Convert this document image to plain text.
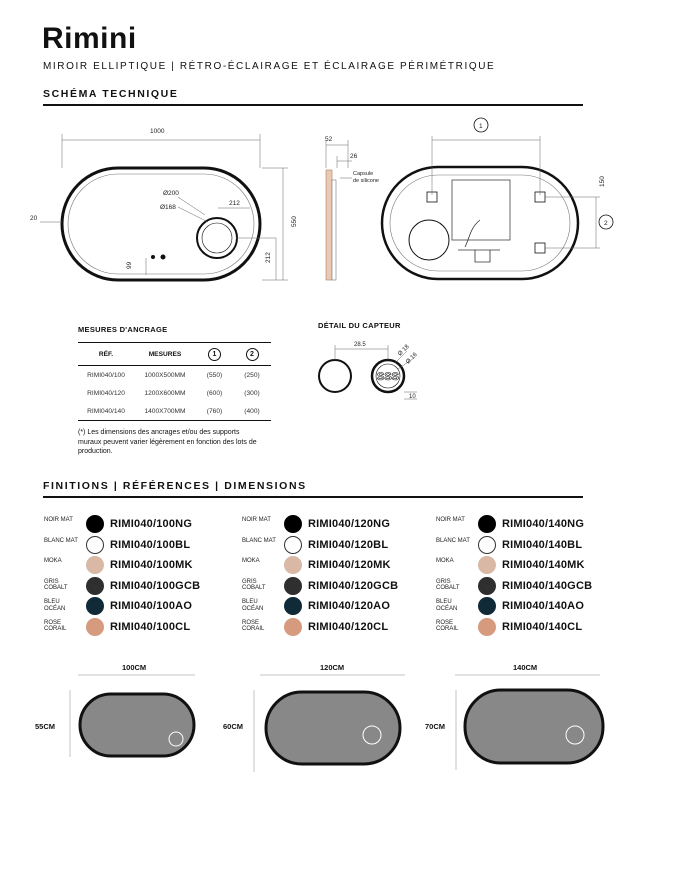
Rimini
MIROIR ELLIPTIQUE | RÉTRO-ÉCLAIRAGE ET ÉCLAIRAGE PÉRIMÉTRIQUE
SCHÉMA TECHNIQUE
1000
20
99
Ø200
Ø168
212
212
550
52
26
Capsule
de silicone	150
1
2
MESURES D'ANCRAGE
RÉF.	MESURES	1	2
RIMI040/100	1000X500MM	(550)	(250)
RIMI040/120	1200X600MM	(600)	(300)
RIMI040/140	1400X700MM	(760)	(400)
(*) Les dimensions des ancrages et/ou des supports muraux peuvent varier légèrement en fonction des lots de production.
DÉTAIL DU CAPTEUR
SSS
28.5	Ø 18
Ø 16
10
FINITIONS | RÉFÉRENCES | DIMENSIONS
NOIR MAT	RIMI040/100NG
BLANC MAT	RIMI040/100BL
MOKA	RIMI040/100MK
GRIS COBALT	RIMI040/100GCB
BLEU OCÉAN	RIMI040/100AO
ROSE CORAIL	RIMI040/100CL
NOIR MAT	RIMI040/120NG
BLANC MAT	RIMI040/120BL
MOKA	RIMI040/120MK
GRIS COBALT	RIMI040/120GCB
BLEU OCÉAN	RIMI040/120AO
ROSE CORAIL	RIMI040/120CL
NOIR MAT	RIMI040/140NG
BLANC MAT	RIMI040/140BL
MOKA	RIMI040/140MK
GRIS COBALT	RIMI040/140GCB
BLEU OCÉAN	RIMI040/140AO
ROSE CORAIL	RIMI040/140CL
100CM
55CM
120CM
60CM
140CM
70CM
